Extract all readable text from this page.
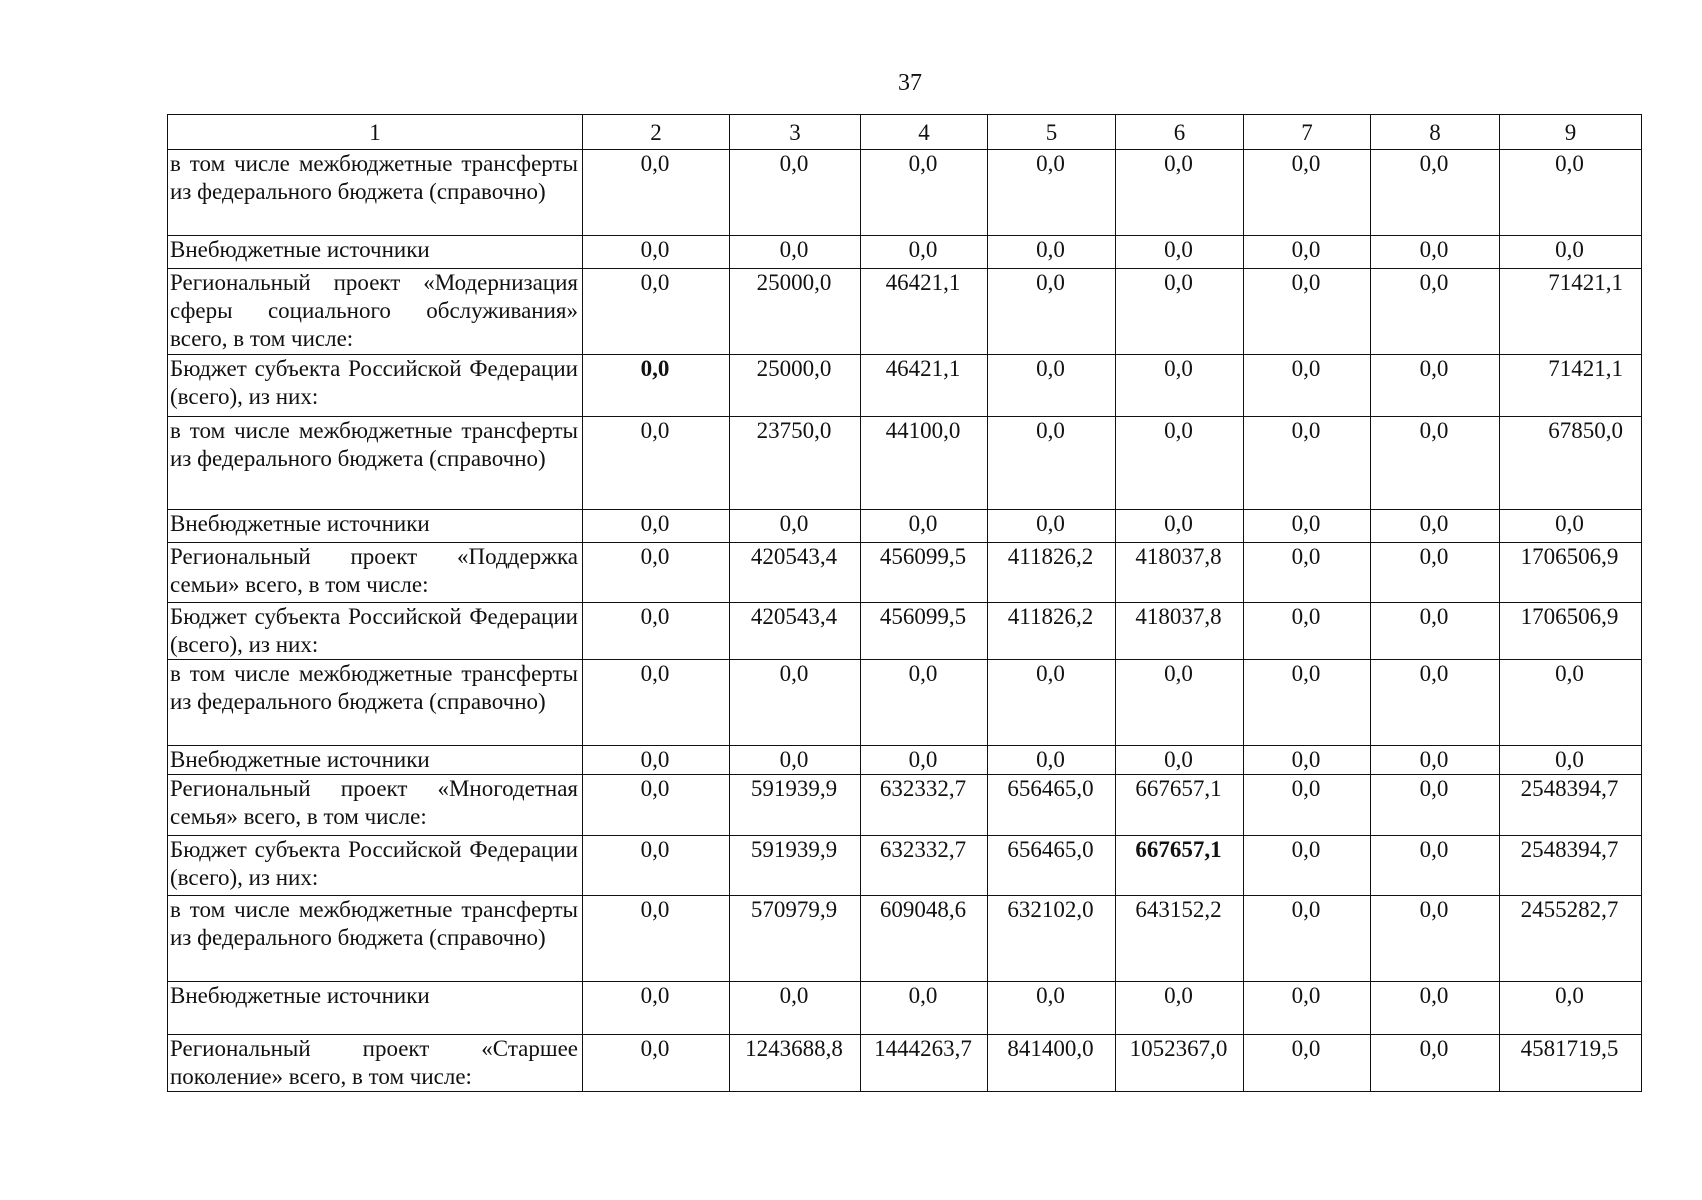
37
1	2	3	4	5	6	7	8	9
в том числе межбюджетные трансферты из федерального бюджета (справочно)	0,0	0,0	0,0	0,0	0,0	0,0	0,0	0,0
Внебюджетные источники	0,0	0,0	0,0	0,0	0,0	0,0	0,0	0,0
Региональный проект «Модернизация сферы социального обслуживания» всего, в том числе:	0,0	25000,0	46421,1	0,0	0,0	0,0	0,0	71421,1
Бюджет субъекта Российской Федерации (всего), из них:	0,0	25000,0	46421,1	0,0	0,0	0,0	0,0	71421,1
в том числе межбюджетные трансферты из федерального бюджета (справочно)	0,0	23750,0	44100,0	0,0	0,0	0,0	0,0	67850,0
Внебюджетные источники	0,0	0,0	0,0	0,0	0,0	0,0	0,0	0,0
Региональный проект «Поддержка семьи» всего, в том числе:	0,0	420543,4	456099,5	411826,2	418037,8	0,0	0,0	1706506,9
Бюджет субъекта Российской Федерации (всего), из них:	0,0	420543,4	456099,5	411826,2	418037,8	0,0	0,0	1706506,9
в том числе межбюджетные трансферты из федерального бюджета (справочно)	0,0	0,0	0,0	0,0	0,0	0,0	0,0	0,0
Внебюджетные источники	0,0	0,0	0,0	0,0	0,0	0,0	0,0	0,0
Региональный проект «Многодетная семья» всего, в том числе:	0,0	591939,9	632332,7	656465,0	667657,1	0,0	0,0	2548394,7
Бюджет субъекта Российской Федерации (всего), из них:	0,0	591939,9	632332,7	656465,0	667657,1	0,0	0,0	2548394,7
в том числе межбюджетные трансферты из федерального бюджета (справочно)	0,0	570979,9	609048,6	632102,0	643152,2	0,0	0,0	2455282,7
Внебюджетные источники	0,0	0,0	0,0	0,0	0,0	0,0	0,0	0,0
Региональный проект «Старшее поколение» всего, в том числе:	0,0	1243688,8	1444263,7	841400,0	1052367,0	0,0	0,0	4581719,5
